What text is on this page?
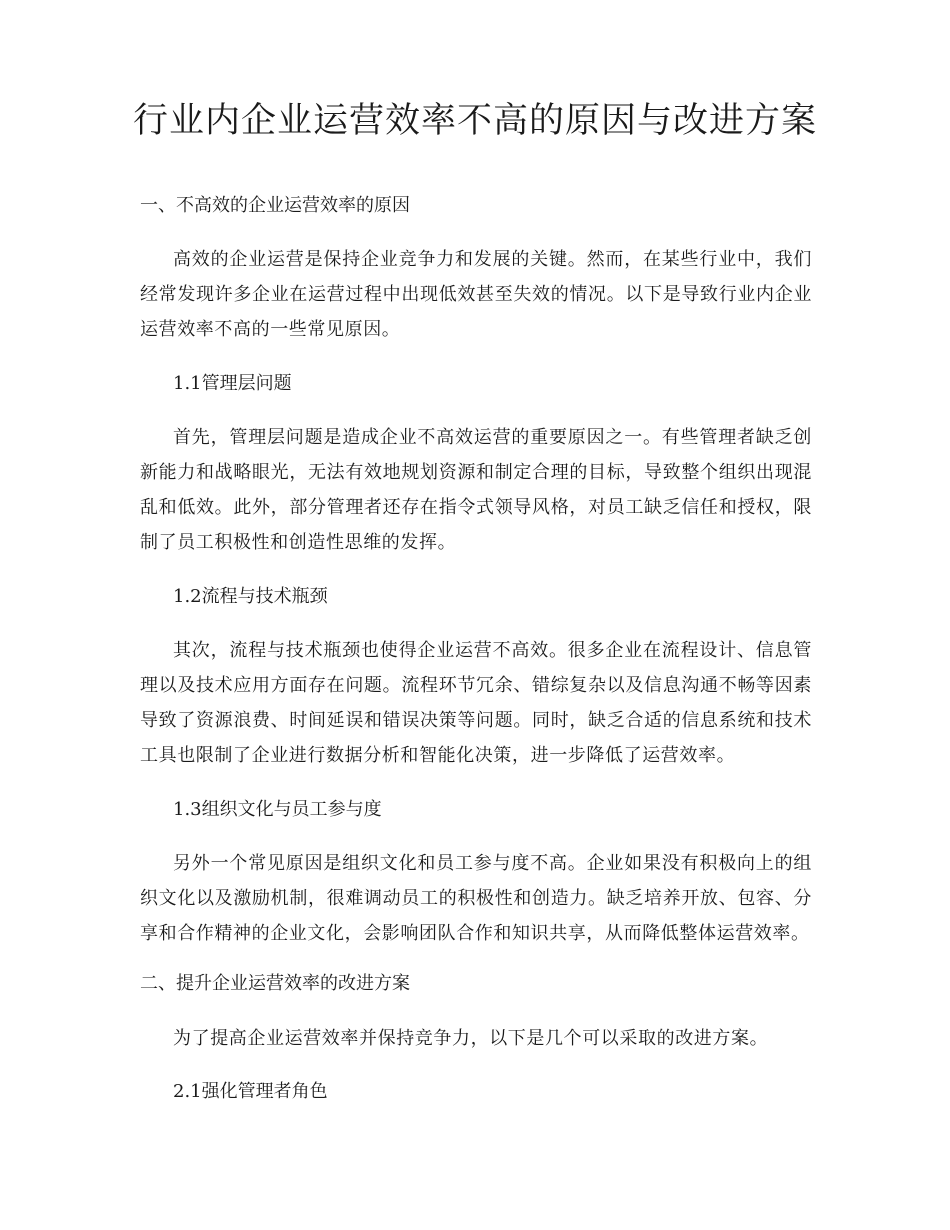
行业内企业运营效率不高的原因与改进方案
一、不高效的企业运营效率的原因
高效的企业运营是保持企业竞争力和发展的关键。然而，在某些行业中，我们
经常发现许多企业在运营过程中出现低效甚至失效的情况。以下是导致行业内企业
运营效率不高的一些常见原因。
1.1管理层问题
首先，管理层问题是造成企业不高效运营的重要原因之一。有些管理者缺乏创
新能力和战略眼光，无法有效地规划资源和制定合理的目标，导致整个组织出现混
乱和低效。此外，部分管理者还存在指令式领导风格，对员工缺乏信任和授权，限
制了员工积极性和创造性思维的发挥。
1.2流程与技术瓶颈
其次，流程与技术瓶颈也使得企业运营不高效。很多企业在流程设计、信息管
理以及技术应用方面存在问题。流程环节冗余、错综复杂以及信息沟通不畅等因素
导致了资源浪费、时间延误和错误决策等问题。同时，缺乏合适的信息系统和技术
工具也限制了企业进行数据分析和智能化决策，进一步降低了运营效率。
1.3组织文化与员工参与度
另外一个常见原因是组织文化和员工参与度不高。企业如果没有积极向上的组
织文化以及激励机制，很难调动员工的积极性和创造力。缺乏培养开放、包容、分
享和合作精神的企业文化，会影响团队合作和知识共享，从而降低整体运营效率。
二、提升企业运营效率的改进方案
为了提高企业运营效率并保持竞争力，以下是几个可以采取的改进方案。
2.1强化管理者角色
